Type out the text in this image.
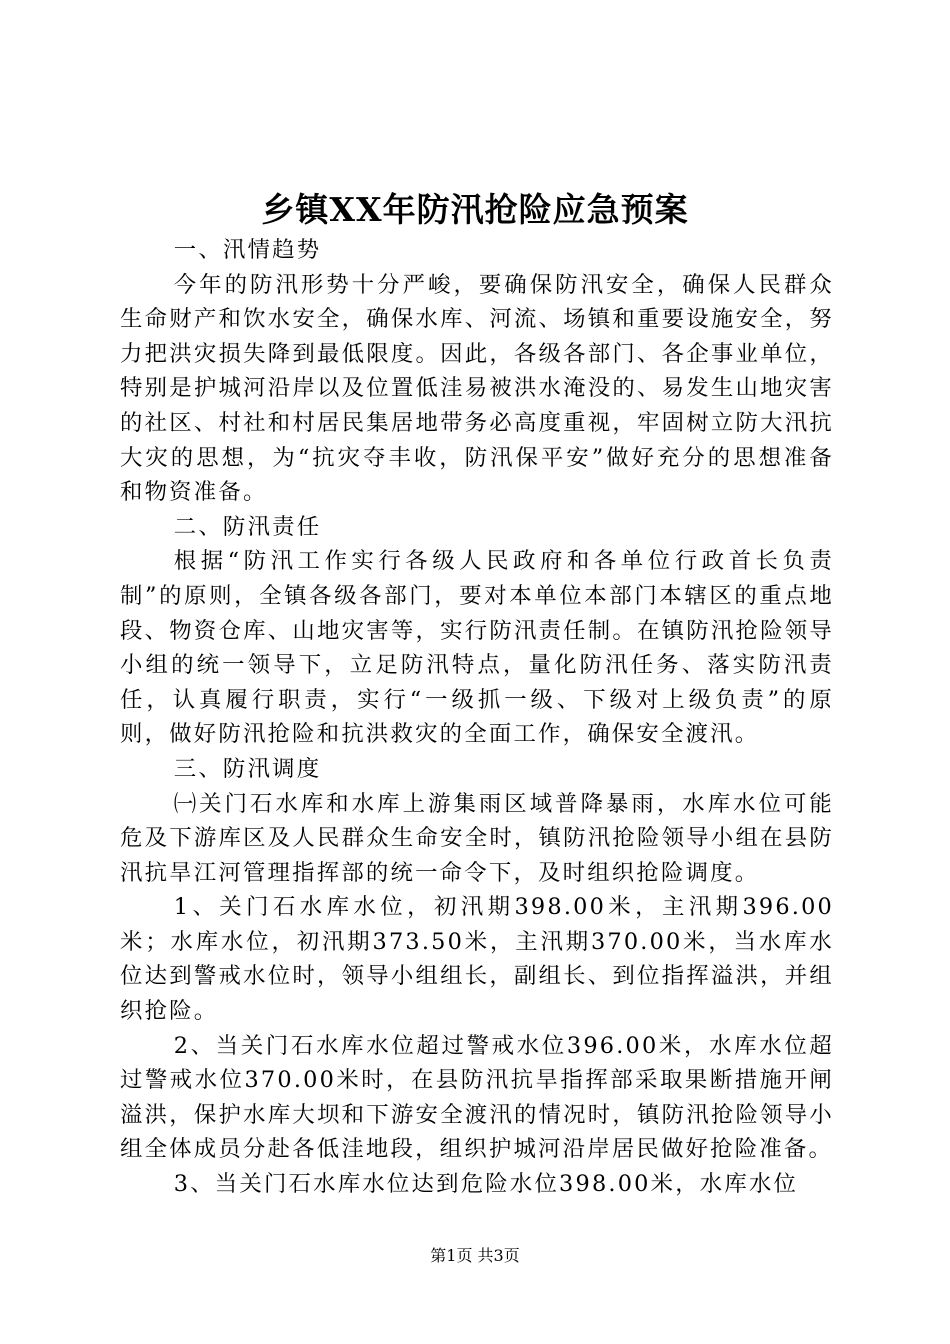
乡镇XX年防汛抢险应急预案

一、汛情趋势

今年的防汛形势十分严峻，要确保防汛安全，确保人民群众生命财产和饮水安全，确保水库、河流、场镇和重要设施安全，努力把洪灾损失降到最低限度。因此，各级各部门、各企事业单位，特别是护城河沿岸以及位置低洼易被洪水淹没的、易发生山地灾害的社区、村社和村居民集居地带务必高度重视，牢固树立防大汛抗大灾的思想，为“抗灾夺丰收，防汛保平安”做好充分的思想准备和物资准备。

二、防汛责任

根据“防汛工作实行各级人民政府和各单位行政首长负责制”的原则，全镇各级各部门，要对本单位本部门本辖区的重点地段、物资仓库、山地灾害等，实行防汛责任制。在镇防汛抢险领导小组的统一领导下，立足防汛特点，量化防汛任务、落实防汛责任，认真履行职责，实行“一级抓一级、下级对上级负责”的原则，做好防汛抢险和抗洪救灾的全面工作，确保安全渡汛。

三、防汛调度

㈠关门石水库和水库上游集雨区域普降暴雨，水库水位可能危及下游库区及人民群众生命安全时，镇防汛抢险领导小组在县防汛抗旱江河管理指挥部的统一命令下，及时组织抢险调度。

1、关门石水库水位，初汛期398.00米，主汛期396.00米；水库水位，初汛期373.50米，主汛期370.00米，当水库水位达到警戒水位时，领导小组组长，副组长、到位指挥溢洪，并组织抢险。

2、当关门石水库水位超过警戒水位396.00米，水库水位超过警戒水位370.00米时，在县防汛抗旱指挥部采取果断措施开闸溢洪，保护水库大坝和下游安全渡汛的情况时，镇防汛抢险领导小组全体成员分赴各低洼地段，组织护城河沿岸居民做好抢险准备。

3、当关门石水库水位达到危险水位398.00米，水库水位

第1页 共3页
